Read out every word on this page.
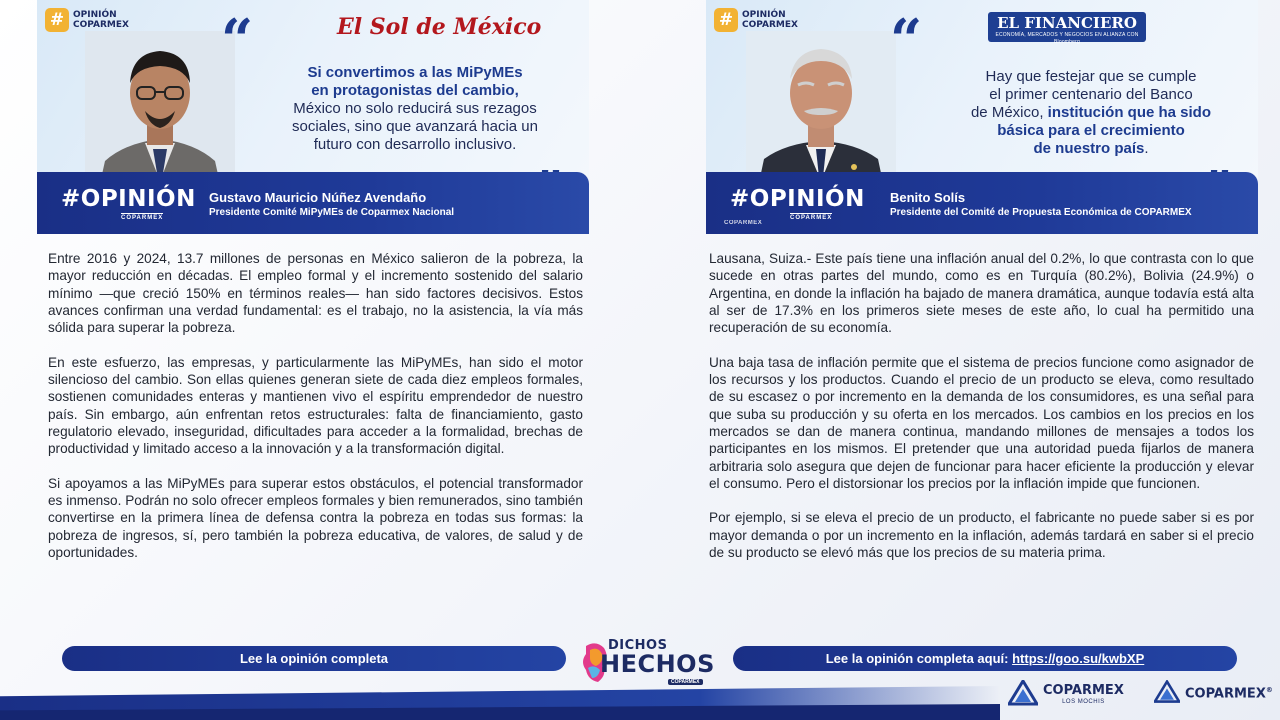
# OPINIÓN
COPARMEX “	El Sol de México
Si convertimos a las MiPyMEs
en protagonistas del cambio,
México no solo reducirá sus rezagos
sociales, sino que avanzará hacia un
futuro con desarrollo inclusivo.
#OPINIÓN
COPARMEX
Gustavo Mauricio Núñez Avendaño
Presidente Comité MiPyMEs de Coparmex Nacional
# OPINIÓN
COPARMEX “	EL FINANCIERO
ECONOMÍA, MERCADOS Y NEGOCIOS EN ALIANZA CON Bloomberg
Hay que festejar que se cumple
el primer centenario del Banco
de México, institución que ha sido
básica para el crecimiento
de nuestro país.
#OPINIÓN
COPARMEX
COPARMEX
Benito Solís
Presidente del Comité de Propuesta Económica de COPARMEX

Entre 2016 y 2024, 13.7 millones de personas en México salieron de la pobreza, la mayor reducción en décadas. El empleo formal y el incremento sostenido del salario mínimo —que creció 150% en términos reales— han sido factores decisivos. Estos avances confirman una verdad fundamental: es el trabajo, no la asistencia, la vía más sólida para superar la pobreza.

En este esfuerzo, las empresas, y particularmente las MiPyMEs, han sido el motor silencioso del cambio. Son ellas quienes generan siete de cada diez empleos formales, sostienen comunidades enteras y mantienen vivo el espíritu emprendedor de nuestro país. Sin embargo, aún enfrentan retos estructurales: falta de financiamiento, gasto regulatorio elevado, inseguridad, dificultades para acceder a la formalidad, brechas de productividad y limitado acceso a la innovación y a la transformación digital.

Si apoyamos a las MiPyMEs para superar estos obstáculos, el potencial transformador es inmenso. Podrán no solo ofrecer empleos formales y bien remunerados, sino también convertirse en la primera línea de defensa contra la pobreza en todas sus formas: la pobreza de ingresos, sí, pero también la pobreza educativa, de valores, de salud y de oportunidades.

Lausana, Suiza.- Este país tiene una inflación anual del 0.2%, lo que contrasta con lo que sucede en otras partes del mundo, como es en Turquía (80.2%), Bolivia (24.9%) o Argentina, en donde la inflación ha bajado de manera dramática, aunque todavía está alta al ser de 17.3% en los primeros siete meses de este año, lo cual ha permitido una recuperación de su economía.

Una baja tasa de inflación permite que el sistema de precios funcione como asignador de los recursos y los productos. Cuando el precio de un producto se eleva, como resultado de su escasez o por incremento en la demanda de los consumidores, es una señal para que suba su producción y su oferta en los mercados. Los cambios en los precios en los mercados se dan de manera continua, mandando millones de mensajes a todos los participantes en los mismos. El pretender que una autoridad pueda fijarlos de manera arbitraria solo asegura que dejen de funcionar para hacer eficiente la producción y elevar el consumo. Pero el distorsionar los precios por la inflación impide que funcionen.

Por ejemplo, si se eleva el precio de un producto, el fabricante no puede saber si es por mayor demanda o por un incremento en la inflación, además tardará en saber si el precio de su producto se elevó más que los precios de su materia prima.

Lee la opinión completa	Lee la opinión completa aquí: https://goo.su/kwbXP
DICHOS
HECHOS
COPARMEX
COPARMEX
LOS MOCHIS
COPARMEX®
